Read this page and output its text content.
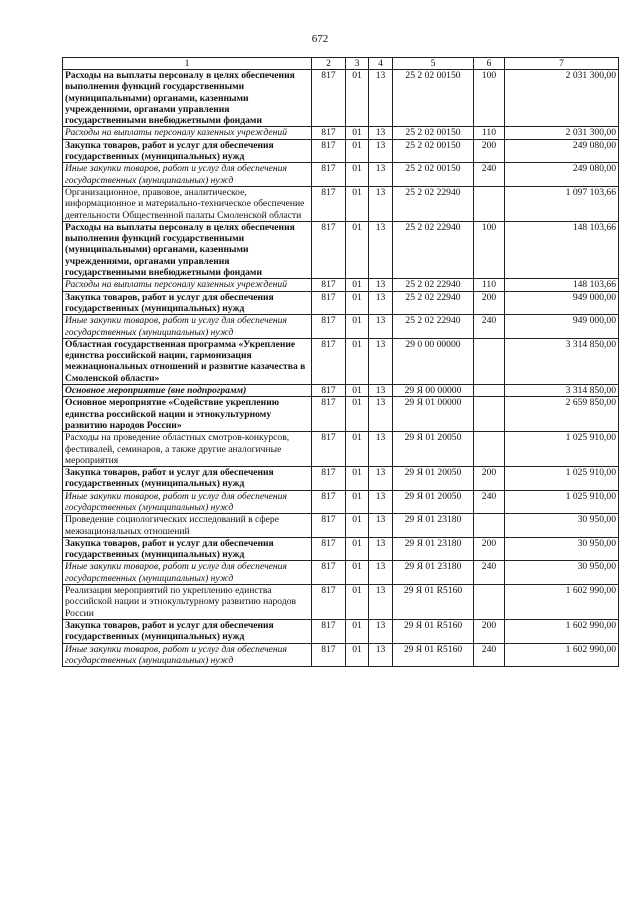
672
1	2	3	4	5	6	7
Расходы на выплаты персоналу в целях обеспечения выполнения функций государственными (муниципальными) органами, казенными учреждениями, органами управления государственными внебюджетными фондами	817	01	13	25 2 02 00150	100	2 031 300,00
Расходы на выплаты персоналу казенных учреждений	817	01	13	25 2 02 00150	110	2 031 300,00
Закупка товаров, работ и услуг для обеспечения государственных (муниципальных) нужд	817	01	13	25 2 02 00150	200	249 080,00
Иные закупки товаров, работ и услуг для обеспечения государственных (муниципальных) нужд	817	01	13	25 2 02 00150	240	249 080,00
Организационное, правовое, аналитическое, информационное и материально-техническое обеспечение деятельности Общественной палаты Смоленской области	817	01	13	25 2 02 22940		1 097 103,66
Расходы на выплаты персоналу в целях обеспечения выполнения функций государственными (муниципальными) органами, казенными учреждениями, органами управления государственными внебюджетными фондами	817	01	13	25 2 02 22940	100	148 103,66
Расходы на выплаты персоналу казенных учреждений	817	01	13	25 2 02 22940	110	148 103,66
Закупка товаров, работ и услуг для обеспечения государственных (муниципальных) нужд	817	01	13	25 2 02 22940	200	949 000,00
Иные закупки товаров, работ и услуг для обеспечения государственных (муниципальных) нужд	817	01	13	25 2 02 22940	240	949 000,00
Областная государственная программа «Укрепление единства российской нации, гармонизация межнациональных отношений и развитие казачества в Смоленской области»	817	01	13	29 0 00 00000		3 314 850,00
Основное мероприятие (вне подпрограмм)	817	01	13	29 Я 00 00000		3 314 850,00
Основное мероприятие «Содействие укреплению единства российской нации и этнокультурному развитию народов России»	817	01	13	29 Я 01 00000		2 659 850,00
Расходы на проведение областных смотров-конкурсов, фестивалей, семинаров, а также другие аналогичные мероприятия	817	01	13	29 Я 01 20050		1 025 910,00
Закупка товаров, работ и услуг для обеспечения государственных (муниципальных) нужд	817	01	13	29 Я 01 20050	200	1 025 910,00
Иные закупки товаров, работ и услуг для обеспечения государственных (муниципальных) нужд	817	01	13	29 Я 01 20050	240	1 025 910,00
Проведение социологических исследований в сфере межнациональных отношений	817	01	13	29 Я 01 23180		30 950,00
Закупка товаров, работ и услуг для обеспечения государственных (муниципальных) нужд	817	01	13	29 Я 01 23180	200	30 950,00
Иные закупки товаров, работ и услуг для обеспечения государственных (муниципальных) нужд	817	01	13	29 Я 01 23180	240	30 950,00
Реализация мероприятий по укреплению единства российской нации и этнокультурному развитию народов России	817	01	13	29 Я 01 R5160		1 602 990,00
Закупка товаров, работ и услуг для обеспечения государственных (муниципальных) нужд	817	01	13	29 Я 01 R5160	200	1 602 990,00
Иные закупки товаров, работ и услуг для обеспечения государственных (муниципальных) нужд	817	01	13	29 Я 01 R5160	240	1 602 990,00
